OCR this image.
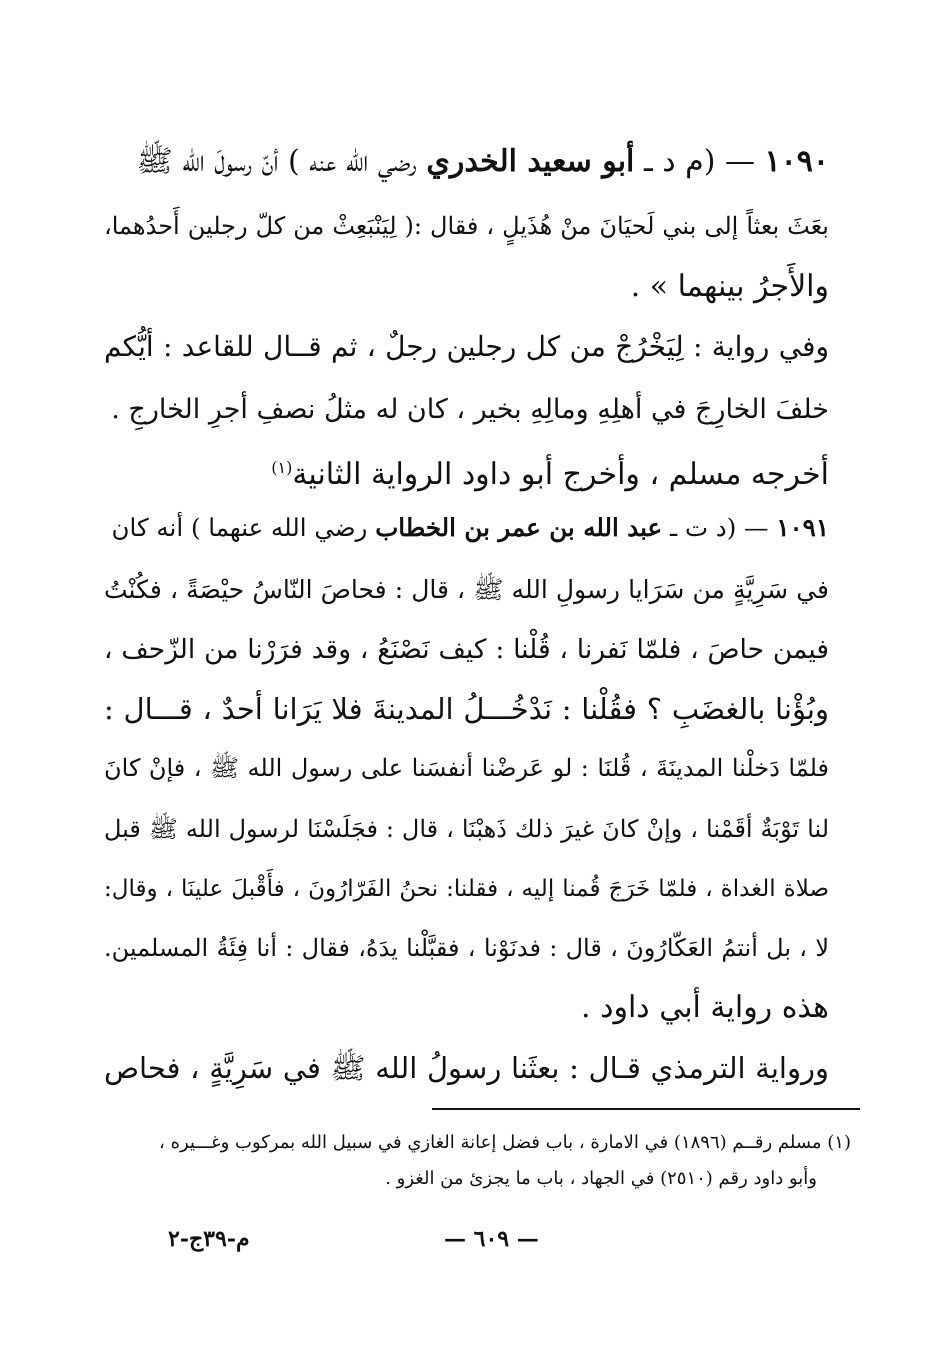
١٠٩٠ — (م د ـ أبو سعيد الخدري رضي الله عنه ) أنّ رسولَ الله ﷺ
بعَثَ بعثاً إلى بني لَحيَانَ منْ هُذَيلٍ ، فقال :( لِيَنْبَعِثْ من كلّ رجلين أَحدُهما،
والأَجرُ بينهما » .
وفي رواية : لِيَخْرُجْ من كل رجلين رجلٌ ، ثم قــال للقاعد : أيُّكم
خلفَ الخارِجَ في أهلِهِ ومالِهِ بخير ، كان له مثلُ نصفِ أجرِ الخارجِ .
أخرجه مسلم ، وأخرج أبو داود الرواية الثانية$^{(١)}$
١٠٩١ — (د ت ـ عبد الله بن عمر بن الخطاب رضي الله عنهما ) أنه كان
في سَرِيَّةٍ من سَرَايا رسولِ الله ﷺ ، قال : فحاصَ النّاسُ حيْصَةً ، فكُنْتُ
فيمن حاصَ ، فلمّا نَفرنا ، قُلْنا : كيف نَصْنَعُ ، وقد فرَرْنا من الزّحف ،
وبُؤْنا بالغضَبِ ؟ فقُلْنا : نَدْخُـــلُ المدينةَ فلا يَرَانا أحدٌ ، قـــال :
فلمّا دَخلْنا المدينَةَ ، قُلنَا : لو عَرضْنا أنفسَنا على رسول الله ﷺ ، فإنْ كانَ
لنا تَوْبَةٌ أقَمْنا ، وإنْ كانَ غيرَ ذلك ذَهبْنَا ، قال : فجَلَسْنَا لرسول الله ﷺ قبل
صلاة الغداة ، فلمّا خَرَجَ قُمنا إليه ، فقلنا: نحنُ الفَرّارُونَ ، فأَقْبلَ علينَا ، وقال:
لا ، بل أنتمُ العَكّارُونَ ، قال : فدنَوْنا ، فقبَّلْنا يدَهُ، فقال : أنا فِئَةُ المسلمين.
هذه رواية أبي داود .
ورواية الترمذي قـال : بعثَنا رسولُ الله ﷺ في سَرِيَّةٍ ، فحاص
(١) مسلم رقــم (١٨٩٦) في الامارة ، باب فضل إعانة الغازي في سبيل الله بمركوب وغـــيره ،
وأبو داود رقم (٢٥١٠) في الجهاد ، باب ما يجزئ من الغزو .
— ٦٠٩ —
م-٣٩ج-٢
